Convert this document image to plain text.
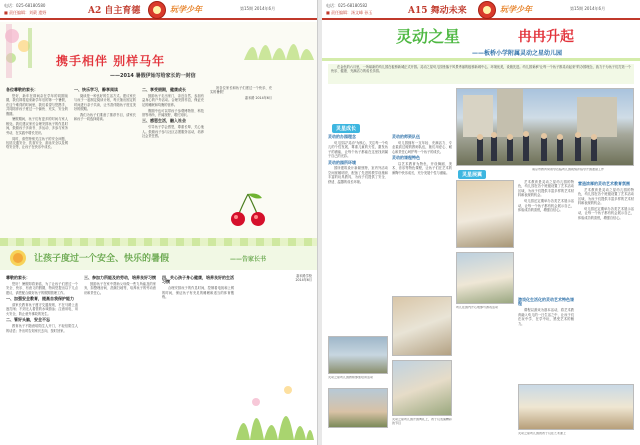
电话：025-68180580
■ 责任编辑：刘葳 遗野	A2 自主育德	玩学少年	第15期 2014年6月
携手相伴 别样马年
——2014 暑假伊始写给家长的一封信

各位尊敬的家长：

您好，新年在即间杂在学年的同期前期，我们即将迎来新学年后的第一个暑假，在这个难得的时间里，我们希望与您携手，共同陪伴孩子度过一个愉快、充实、安全的假期。

暑假期间，孩子们有更多的时间与家人相处。我们建议家长合理安排孩子的作息时间，鼓励孩子多读书、多运动、多参与家务劳动，在实践中增长见识。

同时，请您特别关注孩子的安全问题，包括交通安全、饮食安全、游泳安全以及网络安全等，让孩子在快乐中成长。

一、快乐学习，静享阅读

阅读是一种良好的生活方式。建议家长与孩子一起制定阅读计划，每天抽出固定的时间进行亲子共读，让书香伴随孩子度过美好的假期。

我们为孩子们准备了推荐书目，请家长和孩子一同选择阅读。

二、享受假期，健康成长

鼓励孩子走出家门，亲近自然，参加有益身心的户外活动。合理安排作息，保证充足的睡眠和均衡的营养。

假期中也可以带孩子参观博物馆、科技馆等场所，开阔视野，增长知识。

三、感恩生活，融入社会

引导孩子学会感恩，尊重长辈，关心他人。鼓励孩子参与社区志愿服务活动，培养社会责任感。

祝各位家长和孩子们度过一个快乐、充实的暑假！

嘉禾路 2014年6月

让孩子度过一个安全、快乐的暑假	——告家长书

尊敬的家长：

您好！暑假即将来临，为了让孩子们度过一个安全、快乐、有意义的假期，特向您提出以下几点建议，请您配合做好孩子的假期管理工作。

一、加强安全教育，提高自我保护能力

请家长教育孩子遵守交通规则，不在马路上追逐打闹；不到无人看管的水域游泳；注意用电、用火安全，防止意外事故的发生。

二、管好头脑，安全不忘

教育孩子不随意给陌生人开门，不轻信陌生人的话语；外出时告知家长去向，按时回家。

三、参加力所能及的劳动，培养良好习惯

鼓励孩子在家中帮助父母做一些力所能及的家务，如整理房间、洗碗扫地等，培养孩子的劳动意识和责任心。

四、关心孩子身心健康，培养良好的生活习惯

合理安排孩子的作息时间，控制看电视和上网的时间，保证孩子有充足的睡眠和适当的体育锻炼。

嘉禾路学校
2014年6月

电话：025-68180582
■ 责任编辑：汤文峰 孙玉	A15 舞动未来	玩学少年	第15期 2014年6月
灵动之星	冉冉升起
——板桥小学附属灵动之星幼儿园

在金色的六月里，一所崭新的幼儿园在板桥新城正式开园。灵动之星幼儿园坐落于风景秀丽的板桥新城中心，环境优美，设施先进。幼儿园秉承"让每一个孩子都灵动起来"的办园理念，致力于为孩子们打造一个快乐、健康、充满活力的成长乐园。

灵星成长

灵动的办园理念

幼儿园以"灵动"为核心，关注每一个幼儿的个性发展，尊重儿童的天性，激发孩子的潜能，让每个孩子都能在这里找到属于自己的光彩。

灵动的园所环境

园所建筑设计新颖独特，室内外活动空间宽敞明亮，配备了先进的教学设施和丰富的玩具教具，为孩子们提供了安全、舒适、温馨的成长环境。

灵动之星幼儿园教师参加培训活动

灵动的师资队伍

幼儿园拥有一支年轻、充满活力、专业素质过硬的教师队伍，她们用爱心、耐心和责任心呵护每一个孩子的成长。

灵动的课程特色

以艺术教育为特色，开设舞蹈、美术、音乐等特色课程，让孩子们在艺术的熏陶中快乐成长，充分发展个性与潜能。

灵动之星幼儿园开园典礼上，孩子们表演精彩的节目
南京市教育局领导莅临幼儿园视察并指导开园准备工作
灵星展翼
幼儿在园内开心地参与游戏活动

艺术教育是灵动之星幼儿园的特色，幼儿园在各个班级设置了艺术活动区域，为孩子们提供丰富多样的艺术材料和表现的机会。

幼儿园还定期举办各类艺术展示活动，让每一个孩子都有机会展示自己，体验成功的喜悦，增强自信心。

营造浓厚的灵动艺术教育氛围

艺术教育是灵动之星幼儿园的特色，幼儿园在各个班级设置了艺术活动区域，为孩子们提供丰富多样的艺术材料和表现的机会。

幼儿园还定期举办各类艺术展示活动，让每一个孩子都有机会展示自己，体验成功的喜悦，增强自信心。

游戏化生活化的灵动艺术特色课程

课程以游戏为基本活动，将艺术教育融入幼儿的一日生活之中，让孩子们在玩中学、在学中玩，感受艺术的魅力。

灵动之星幼儿园的孩子们在艺术课上
